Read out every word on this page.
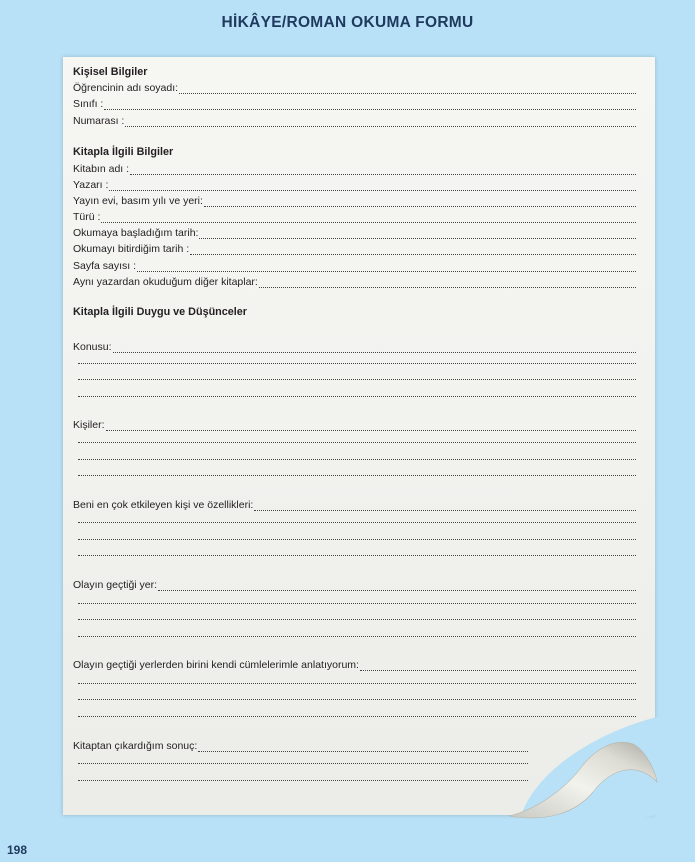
HİKÂYE/ROMAN OKUMA FORMU
Kişisel Bilgiler
Öğrencinin adı soyadı:
Sınıfı :
Numarası :
Kitapla İlgili Bilgiler
Kitabın adı :
Yazarı :
Yayın evi, basım yılı ve yeri:
Türü :
Okumaya başladığım tarih:
Okumayı bitirdiğim tarih :
Sayfa sayısı :
Aynı yazardan okuduğum diğer kitaplar:
Kitapla İlgili Duygu ve Düşünceler
Konusu:
Kişiler:
Beni en çok etkileyen kişi ve özellikleri:
Olayın geçtiği yer:
Olayın geçtiği yerlerden birini kendi cümlelerimle anlatıyorum:
Kitaptan çıkardığım sonuç:
198
